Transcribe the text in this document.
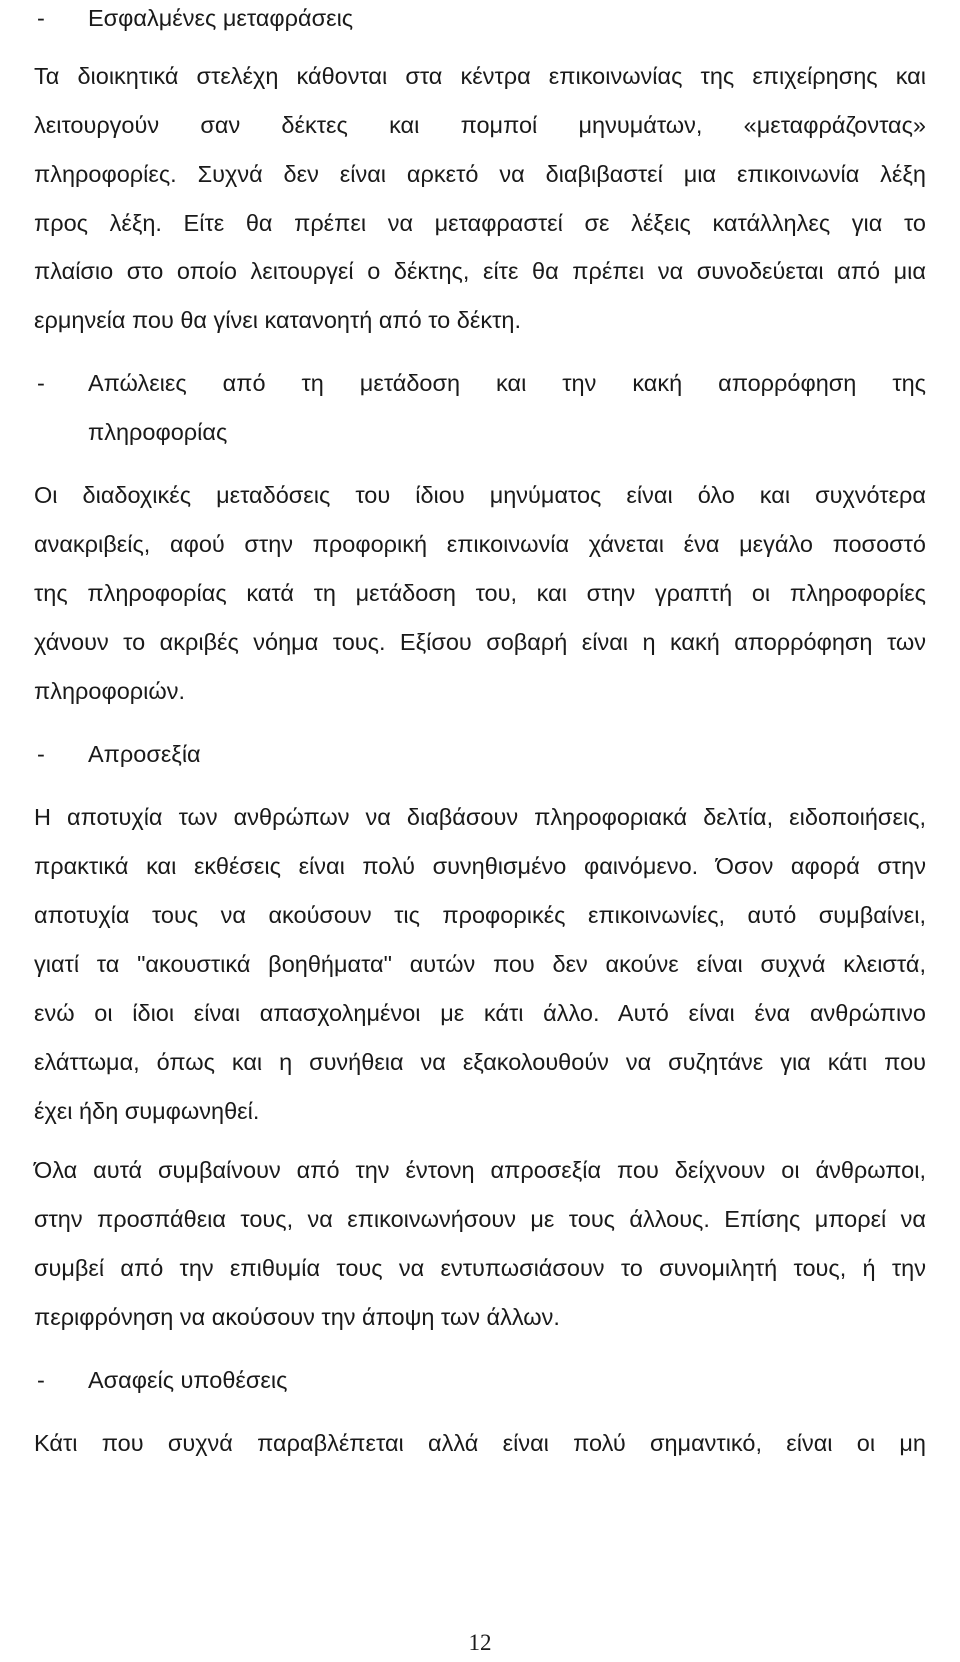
- Εσφαλμένες μεταφράσεις
Τα διοικητικά στελέχη κάθονται στα κέντρα επικοινωνίας της επιχείρησης και
λειτουργούν σαν δέκτες και πομποί μηνυμάτων, «μεταφράζοντας»
πληροφορίες. Συχνά δεν είναι αρκετό να διαβιβαστεί μια επικοινωνία λέξη
προς λέξη. Είτε θα πρέπει να μεταφραστεί σε λέξεις κατάλληλες για το
πλαίσιο στο οποίο λειτουργεί ο δέκτης, είτε θα πρέπει να συνοδεύεται από μια
ερμηνεία που θα γίνει κατανοητή από το δέκτη.
- Απώλειες από τη μετάδοση και την κακή απορρόφηση της
πληροφορίας
Οι διαδοχικές μεταδόσεις του ίδιου μηνύματος είναι όλο και συχνότερα
ανακριβείς, αφού στην προφορική επικοινωνία χάνεται ένα μεγάλο ποσοστό
της πληροφορίας κατά τη μετάδοση του, και στην γραπτή οι πληροφορίες
χάνουν το ακριβές νόημα τους. Εξίσου σοβαρή είναι η κακή απορρόφηση των
πληροφοριών.
- Απροσεξία
Η αποτυχία των ανθρώπων να διαβάσουν πληροφοριακά δελτία, ειδοποιήσεις,
πρακτικά και εκθέσεις είναι πολύ συνηθισμένο φαινόμενο. Όσον αφορά στην
αποτυχία τους να ακούσουν τις προφορικές επικοινωνίες, αυτό συμβαίνει,
γιατί τα "ακουστικά βοηθήματα" αυτών που δεν ακούνε είναι συχνά κλειστά,
ενώ οι ίδιοι είναι απασχολημένοι με κάτι άλλο. Αυτό είναι ένα ανθρώπινο
ελάττωμα, όπως και η συνήθεια να εξακολουθούν να συζητάνε για κάτι που
έχει ήδη συμφωνηθεί.
Όλα αυτά συμβαίνουν από την έντονη απροσεξία που δείχνουν οι άνθρωποι,
στην προσπάθεια τους, να επικοινωνήσουν με τους άλλους. Επίσης μπορεί να
συμβεί από την επιθυμία τους να εντυπωσιάσουν το συνομιλητή τους, ή την
περιφρόνηση να ακούσουν την άποψη των άλλων.
- Ασαφείς υποθέσεις
Κάτι που συχνά παραβλέπεται αλλά είναι πολύ σημαντικό, είναι οι μη
12
